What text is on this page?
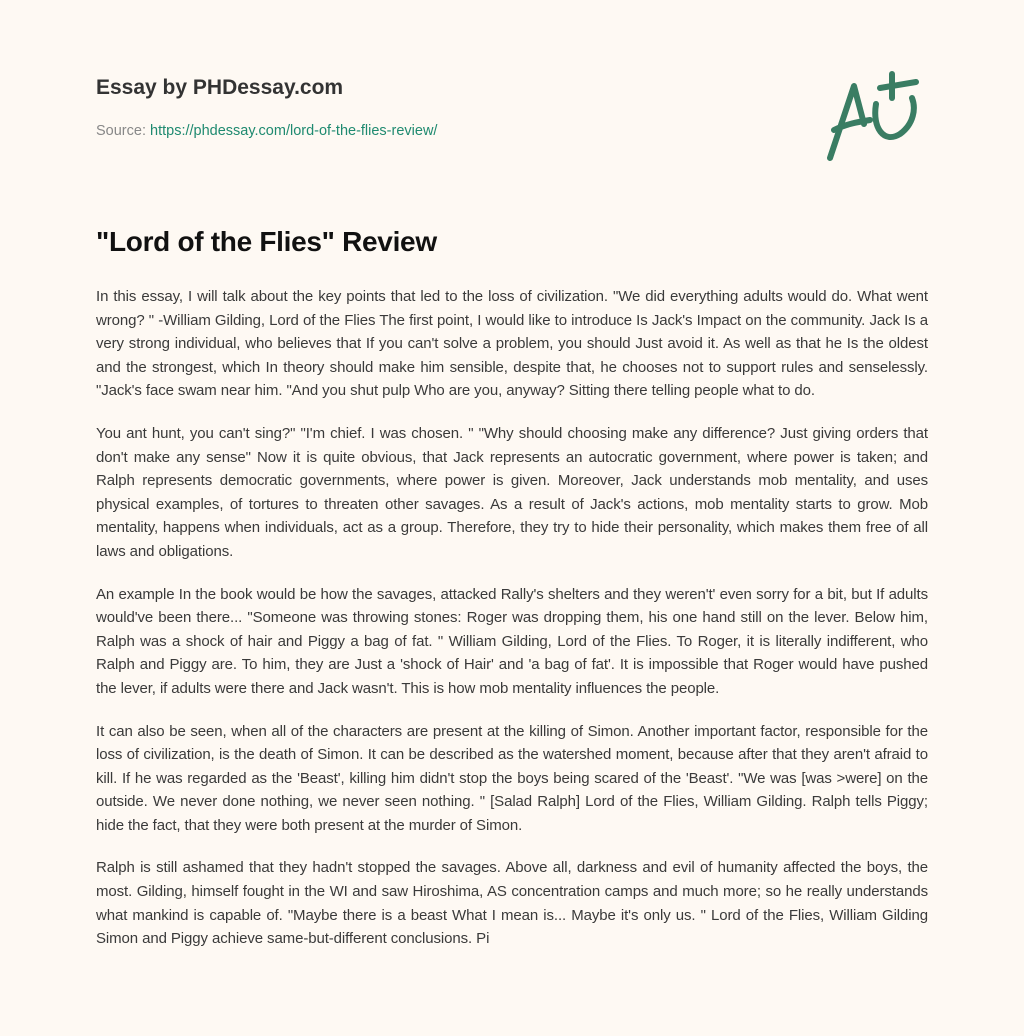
Essay by PHDessay.com
Source: https://phdessay.com/lord-of-the-flies-review/
"Lord of the Flies" Review

In this essay, I will talk about the key points that led to the loss of civilization. "We did everything adults would do. What went wrong? " -William Gilding, Lord of the Flies The first point, I would like to introduce Is Jack's Impact on the community. Jack Is a very strong individual, who believes that If you can't solve a problem, you should Just avoid it. As well as that he Is the oldest and the strongest, which In theory should make him sensible, despite that, he chooses not to support rules and senselessly. "Jack's face swam near him. "And you shut pulp Who are you, anyway? Sitting there telling people what to do.

You ant hunt, you can't sing?" "I'm chief. I was chosen. " "Why should choosing make any difference? Just giving orders that don't make any sense" Now it is quite obvious, that Jack represents an autocratic government, where power is taken; and Ralph represents democratic governments, where power is given. Moreover, Jack understands mob mentality, and uses physical examples, of tortures to threaten other savages. As a result of Jack's actions, mob mentality starts to grow. Mob mentality, happens when individuals, act as a group. Therefore, they try to hide their personality, which makes them free of all laws and obligations.

An example In the book would be how the savages, attacked Rally's shelters and they weren't' even sorry for a bit, but If adults would've been there... "Someone was throwing stones: Roger was dropping them, his one hand still on the lever. Below him, Ralph was a shock of hair and Piggy a bag of fat. " William Gilding, Lord of the Flies. To Roger, it is literally indifferent, who Ralph and Piggy are. To him, they are Just a 'shock of Hair' and 'a bag of fat'. It is impossible that Roger would have pushed the lever, if adults were there and Jack wasn't. This is how mob mentality influences the people.

It can also be seen, when all of the characters are present at the killing of Simon. Another important factor, responsible for the loss of civilization, is the death of Simon. It can be described as the watershed moment, because after that they aren't afraid to kill. If he was regarded as the 'Beast', killing him didn't stop the boys being scared of the 'Beast'. "We was [was >were] on the outside. We never done nothing, we never seen nothing. " [Salad Ralph] Lord of the Flies, William Gilding. Ralph tells Piggy; hide the fact, that they were both present at the murder of Simon.

Ralph is still ashamed that they hadn't stopped the savages. Above all, darkness and evil of humanity affected the boys, the most. Gilding, himself fought in the WI and saw Hiroshima, AS concentration camps and much more; so he really understands what mankind is capable of. "Maybe there is a beast What I mean is... Maybe it's only us. " Lord of the Flies, William Gilding Simon and Piggy achieve same-but-different conclusions. Pi
